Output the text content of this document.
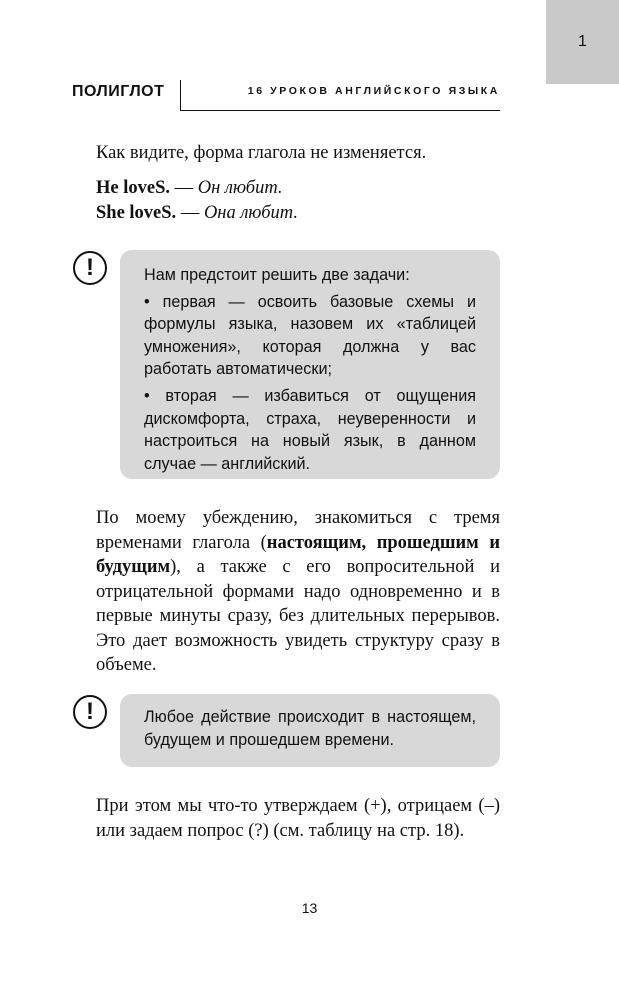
1
ПОЛИГЛОТ	16 УРОКОВ АНГЛИЙСКОГО ЯЗЫКА
Как видите, форма глагола не изменяется.
He loveS. — Он любит.
She loveS. — Она любит.
!	Нам предстоит решить две задачи:
• первая — освоить базовые схемы и формулы языка, назовем их «таблицей умножения», которая должна у вас работать автоматически;
• вторая — избавиться от ощущения дискомфорта, страха, неуверенности и настроиться на новый язык, в данном случае — английский.
По моему убеждению, знакомиться с тремя временами глагола (настоящим, прошедшим и будущим), а также с его вопросительной и отрицательной формами надо одновременно и в первые минуты сразу, без длительных перерывов. Это дает возможность увидеть структуру сразу в объеме.
!	Любое действие происходит в настоящем, будущем и прошедшем времени.
При этом мы что-то утверждаем (+), отрицаем (–) или задаем попрос (?) (см. таблицу на стр. 18).
13
